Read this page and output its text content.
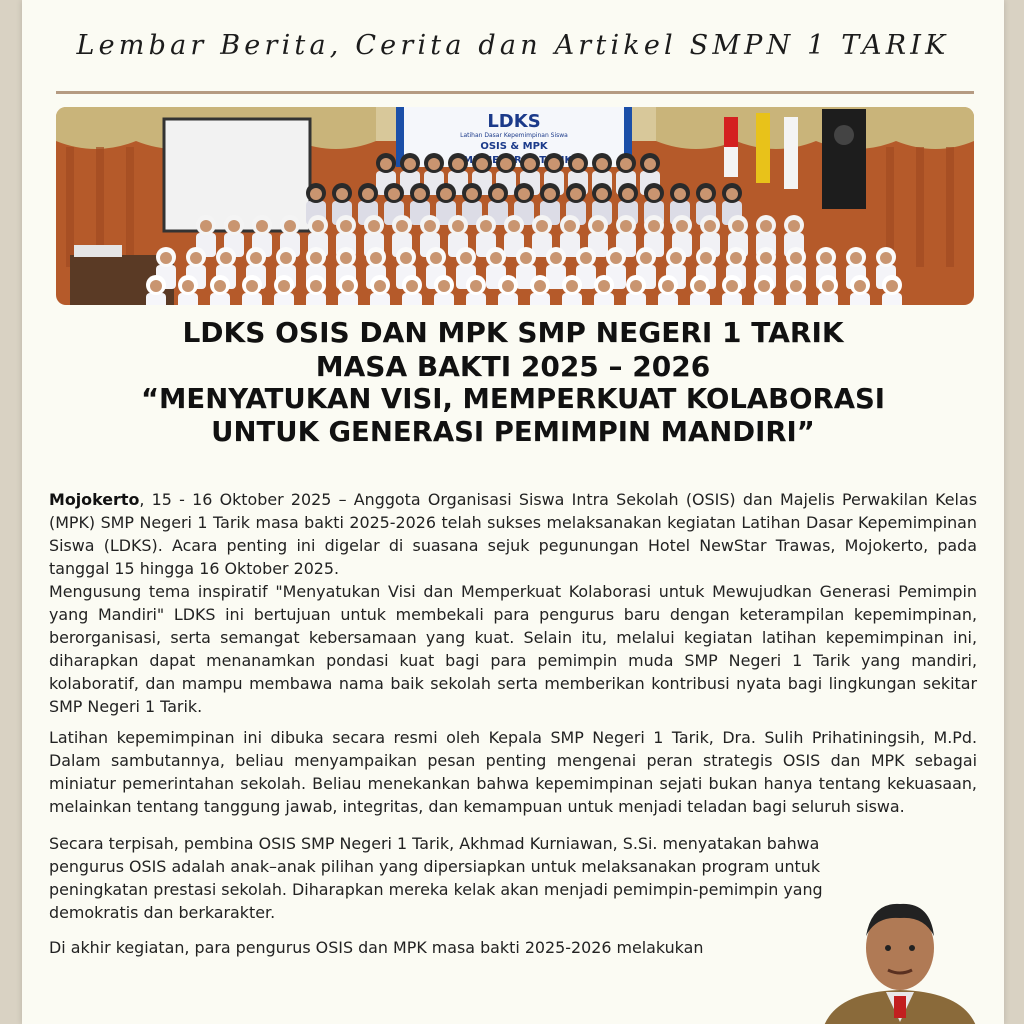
Lembar Berita, Cerita dan Artikel SMPN 1 TARIK
LDKS
Latihan Dasar Kepemimpinan Siswa
OSIS & MPK
SMP
LDKS OSIS DAN MPK SMP NEGERI 1 TARIK
MASA BAKTI 2025 – 2026
“MENYATUKAN VISI, MEMPERKUAT KOLABORASI
UNTUK GENERASI PEMIMPIN MANDIRI”

Mojokerto, 15 - 16 Oktober 2025 – Anggota Organisasi Siswa Intra Sekolah (OSIS) dan Majelis Perwakilan Kelas (MPK) SMP Negeri 1 Tarik masa bakti 2025-2026 telah sukses melaksanakan kegiatan Latihan Dasar Kepemimpinan Siswa (LDKS). Acara penting ini digelar di suasana sejuk pegunungan Hotel NewStar Trawas, Mojokerto, pada tanggal 15 hingga 16 Oktober 2025.

Mengusung tema inspiratif "Menyatukan Visi dan Memperkuat Kolaborasi untuk Mewujudkan Generasi Pemimpin yang Mandiri" LDKS ini bertujuan untuk membekali para pengurus baru dengan keterampilan kepemimpinan, berorganisasi, serta semangat kebersamaan yang kuat. Selain itu, melalui kegiatan latihan kepemimpinan ini, diharapkan dapat menanamkan pondasi kuat bagi para pemimpin muda SMP Negeri 1 Tarik yang mandiri, kolaboratif, dan mampu membawa nama baik sekolah serta memberikan kontribusi nyata bagi lingkungan sekitar SMP Negeri 1 Tarik.

Latihan kepemimpinan ini dibuka secara resmi oleh Kepala SMP Negeri 1 Tarik, Dra. Sulih Prihatiningsih, M.Pd. Dalam sambutannya, beliau menyampaikan pesan penting mengenai peran strategis OSIS dan MPK sebagai miniatur pemerintahan sekolah. Beliau menekankan bahwa kepemimpinan sejati bukan hanya tentang kekuasaan, melainkan tentang tanggung jawab, integritas, dan kemampuan untuk menjadi teladan bagi seluruh siswa.

Secara terpisah, pembina OSIS SMP Negeri 1 Tarik, Akhmad Kurniawan, S.Si. menyatakan bahwa pengurus OSIS adalah anak–anak pilihan yang dipersiapkan untuk melaksanakan program untuk peningkatan prestasi sekolah. Diharapkan mereka kelak akan menjadi pemimpin-pemimpin yang demokratis dan berkarakter.

Di akhir kegiatan, para pengurus OSIS dan MPK masa bakti 2025-2026 melakukan
